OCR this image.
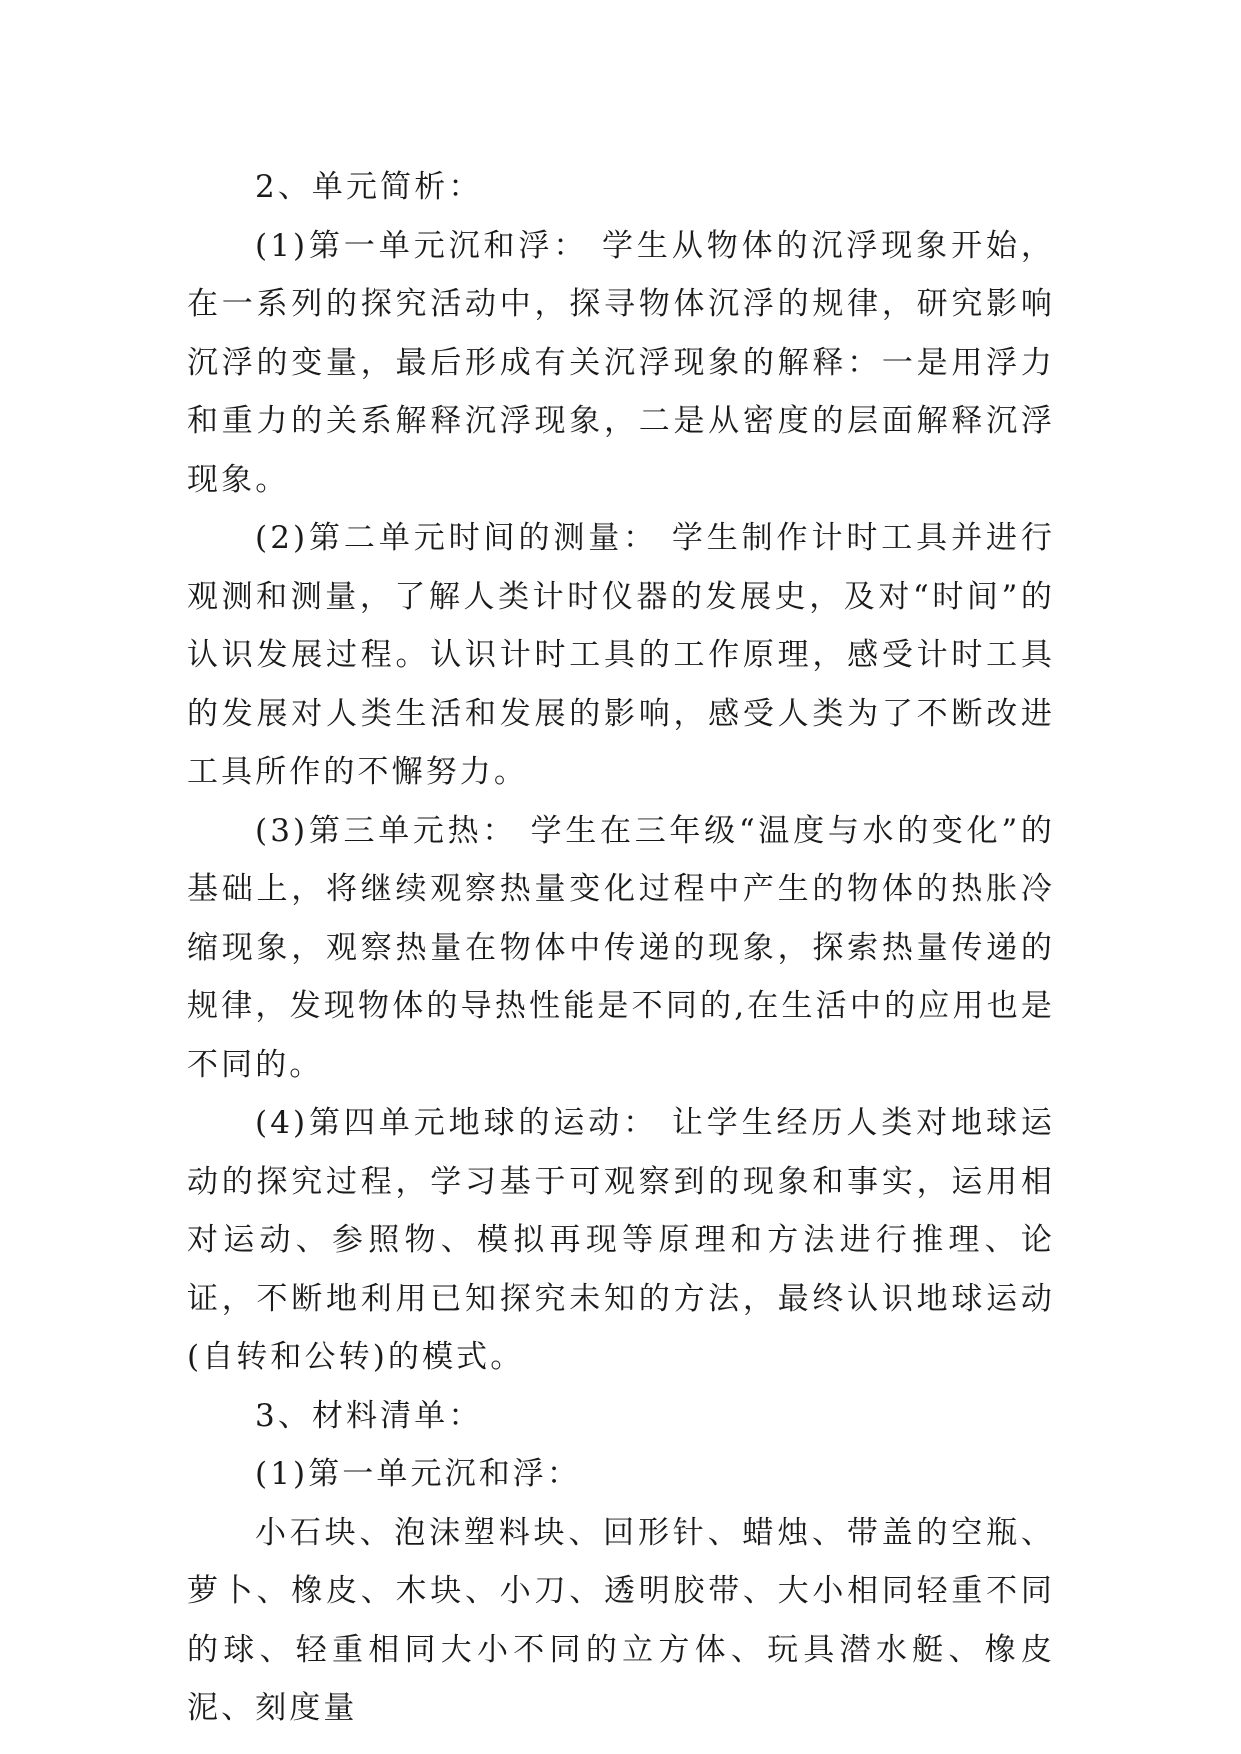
2、单元简析：

(1)第一单元沉和浮： 学生从物体的沉浮现象开始，在一系列的探究活动中，探寻物体沉浮的规律，研究影响沉浮的变量，最后形成有关沉浮现象的解释：一是用浮力和重力的关系解释沉浮现象，二是从密度的层面解释沉浮现象。

(2)第二单元时间的测量： 学生制作计时工具并进行观测和测量，了解人类计时仪器的发展史，及对“时间”的认识发展过程。认识计时工具的工作原理，感受计时工具的发展对人类生活和发展的影响，感受人类为了不断改进工具所作的不懈努力。

(3)第三单元热： 学生在三年级“温度与水的变化”的基础上，将继续观察热量变化过程中产生的物体的热胀冷缩现象，观察热量在物体中传递的现象，探索热量传递的规律，发现物体的导热性能是不同的,在生活中的应用也是不同的。

(4)第四单元地球的运动： 让学生经历人类对地球运动的探究过程，学习基于可观察到的现象和事实，运用相对运动、参照物、模拟再现等原理和方法进行推理、论证，不断地利用已知探究未知的方法，最终认识地球运动(自转和公转)的模式。

3、材料清单：

(1)第一单元沉和浮：

小石块、泡沫塑料块、回形针、蜡烛、带盖的空瓶、萝卜、橡皮、木块、小刀、透明胶带、大小相同轻重不同的球、轻重相同大小不同的立方体、玩具潜水艇、橡皮泥、刻度量
